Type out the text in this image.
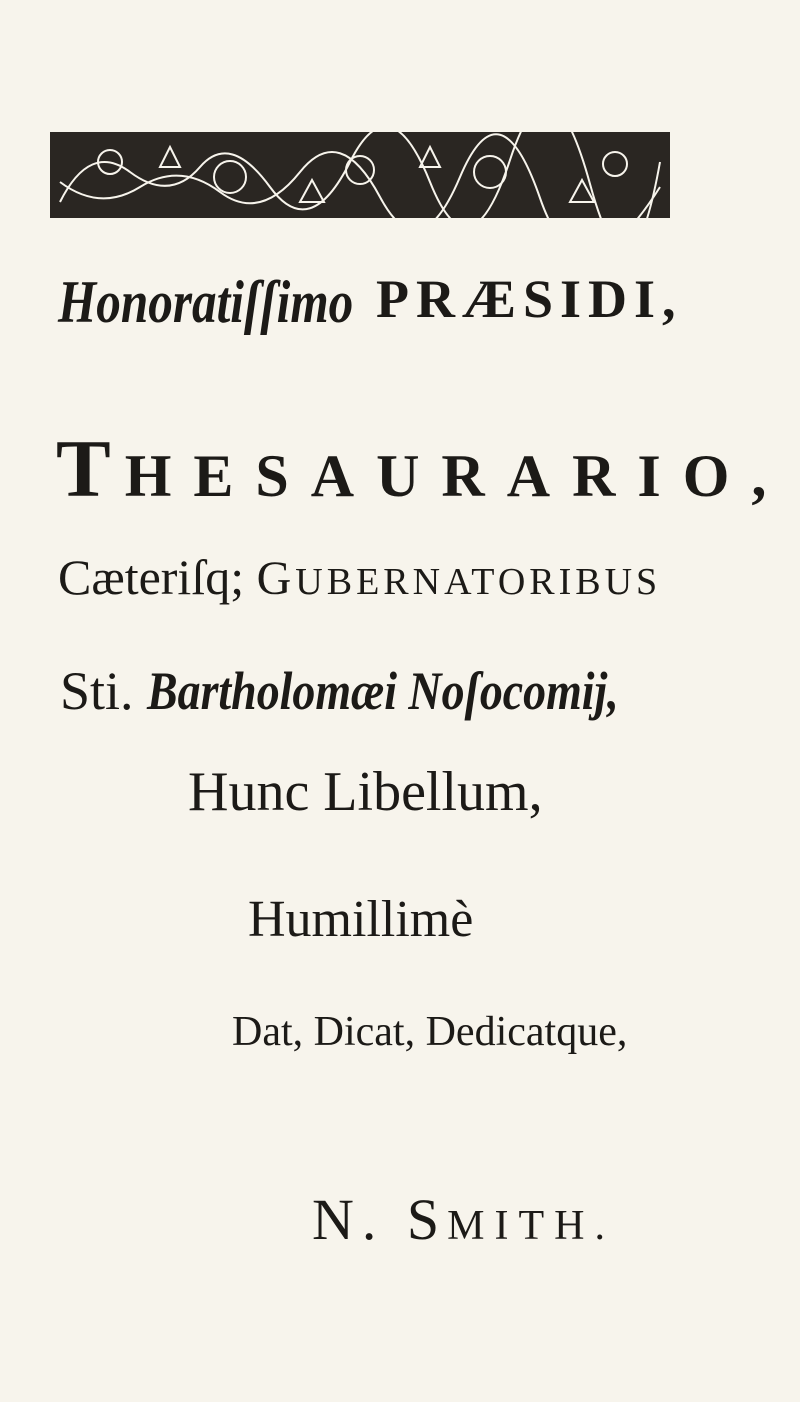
Honoratiſſimo PRÆSIDI,
THESAURARIO,
Cæteriſq; GUBERNATORIBUS
Sti. Bartholomæi Noſocomij,
Hunc Libellum,
Humillimè
Dat, Dicat, Dedicatque,
N. SMITH.
